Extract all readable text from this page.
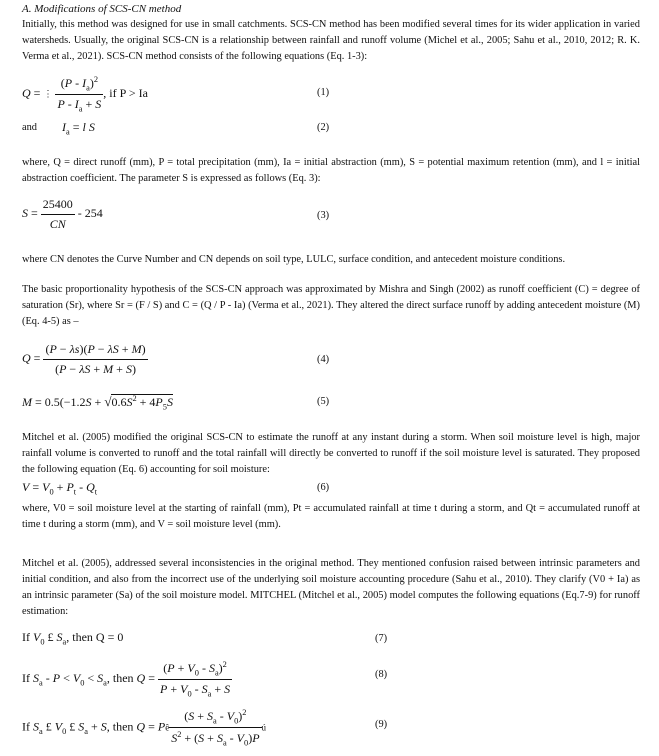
A. Modifications of SCS-CN method

Initially, this method was designed for use in small catchments. SCS-CN method has been modified several times for its wider application in varied watersheds. Usually, the original SCS-CN is a relationship between rainfall and runoff volume (Michel et al., 2005; Sahu et al., 2010, 2012; R. K. Verma et al., 2021). SCS-CN method consists of the following equations (Eq. 1-3):

Q = ⋮ $\frac{(P - I_a)^2}{P - I_a + S}$ , if P > Ia	(1)
and $I_a = l$ S	(2)

where, Q = direct runoff (mm), P = total precipitation (mm), Ia = initial abstraction (mm), S = potential maximum retention (mm), and l = initial abstraction coefficient. The parameter S is expressed as follows (Eq. 3):

$S = \frac{25400}{CN} - 254$	(3)

where CN denotes the Curve Number and CN depends on soil type, LULC, surface condition, and antecedent moisture conditions.

The basic proportionality hypothesis of the SCS-CN approach was approximated by Mishra and Singh (2002) as runoff coefficient (C) = degree of saturation (Sr), where Sr = (F / S) and C = (Q / P - Ia) (Verma et al., 2021). They altered the direct surface runoff by adding antecedent moisture (M) (Eq. 4-5) as –

$Q = \frac{(P - \lambda s)(P - \lambda S + M)}{(P - \lambda S + M + S)}$	(4)
$M = 0.5(-1.2S + √0.6S^2 + 4P_5S$	(5)

Mitchel et al. (2005) modified the original SCS-CN to estimate the runoff at any instant during a storm. When soil moisture level is high, major rainfall volume is converted to runoff and the total rainfall will directly be converted to runoff if the soil moisture level is saturated. They proposed the following equation (Eq. 6) accounting for soil moisture:

$V = V_0 + P_t - Q_t$	(6)

where, V0 = soil moisture level at the starting of rainfall (mm), Pt = accumulated rainfall at time t during a storm, and Qt = accumulated runoff at time t during a storm (mm), and V = soil moisture level (mm).

Mitchel et al. (2005), addressed several inconsistencies in the original method. They mentioned confusion raised between intrinsic parameters and initial condition, and also from the incorrect use of the underlying soil moisture accounting procedure (Sahu et al., 2010). They clarify (V0 + Ia) as an intrinsic parameter (Sa) of the soil moisture model. MITCHEL (Mitchel et al., 2005) model computes the following equations (Eq.7-9) for runoff estimation:

If $V_0$ £ $S_a$, then Q = 0	(7)
If $S_a - P < V_0 < S_a$, then $Q = \frac{(P + V_0 - S_a)^2}{P + V_0 - S_a + S}$	(8)
If $S_a$ £ $V_0$ £ $S_a + S$, then Q = Pê $\frac{(S + S_a - V_0)^2}{S^2 + (S + S_a - V_0)P}$ ú	(9)
